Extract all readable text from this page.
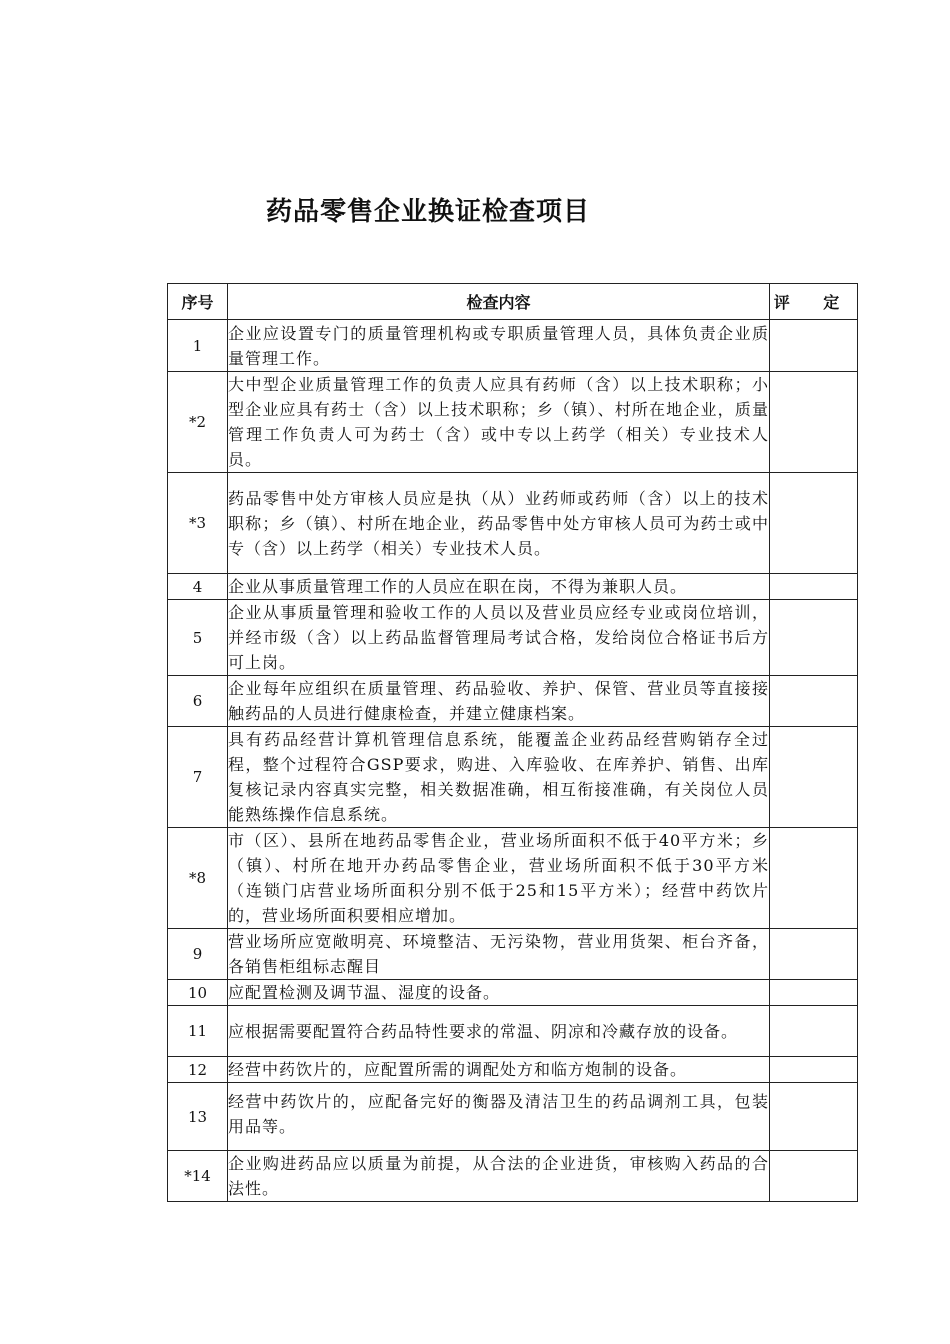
药品零售企业换证检查项目
序号	检查内容	评 定
1	企业应设置专门的质量管理机构或专职质量管理人员，具体负责企业质量管理工作。	
*2	大中型企业质量管理工作的负责人应具有药师（含）以上技术职称；小型企业应具有药士（含）以上技术职称；乡（镇）、村所在地企业，质量管理工作负责人可为药士（含）或中专以上药学（相关）专业技术人员。	
*3	药品零售中处方审核人员应是执（从）业药师或药师（含）以上的技术职称；乡（镇）、村所在地企业，药品零售中处方审核人员可为药士或中专（含）以上药学（相关）专业技术人员。	
4	企业从事质量管理工作的人员应在职在岗，不得为兼职人员。	
5	企业从事质量管理和验收工作的人员以及营业员应经专业或岗位培训，并经市级（含）以上药品监督管理局考试合格，发给岗位合格证书后方可上岗。	
6	企业每年应组织在质量管理、药品验收、养护、保管、营业员等直接接触药品的人员进行健康检查，并建立健康档案。	
7	具有药品经营计算机管理信息系统，能覆盖企业药品经营购销存全过程，整个过程符合GSP要求，购进、入库验收、在库养护、销售、出库复核记录内容真实完整，相关数据准确，相互衔接准确，有关岗位人员能熟练操作信息系统。	
*8	市（区）、县所在地药品零售企业，营业场所面积不低于40平方米；乡（镇）、村所在地开办药品零售企业，营业场所面积不低于30平方米（连锁门店营业场所面积分别不低于25和15平方米）；经营中药饮片的，营业场所面积要相应增加。	
9	营业场所应宽敞明亮、环境整洁、无污染物，营业用货架、柜台齐备，各销售柜组标志醒目	
10	应配置检测及调节温、湿度的设备。	
11	应根据需要配置符合药品特性要求的常温、阴凉和冷藏存放的设备。	
12	经营中药饮片的，应配置所需的调配处方和临方炮制的设备。	
13	经营中药饮片的，应配备完好的衡器及清洁卫生的药品调剂工具，包装用品等。	
*14	企业购进药品应以质量为前提，从合法的企业进货，审核购入药品的合法性。	
